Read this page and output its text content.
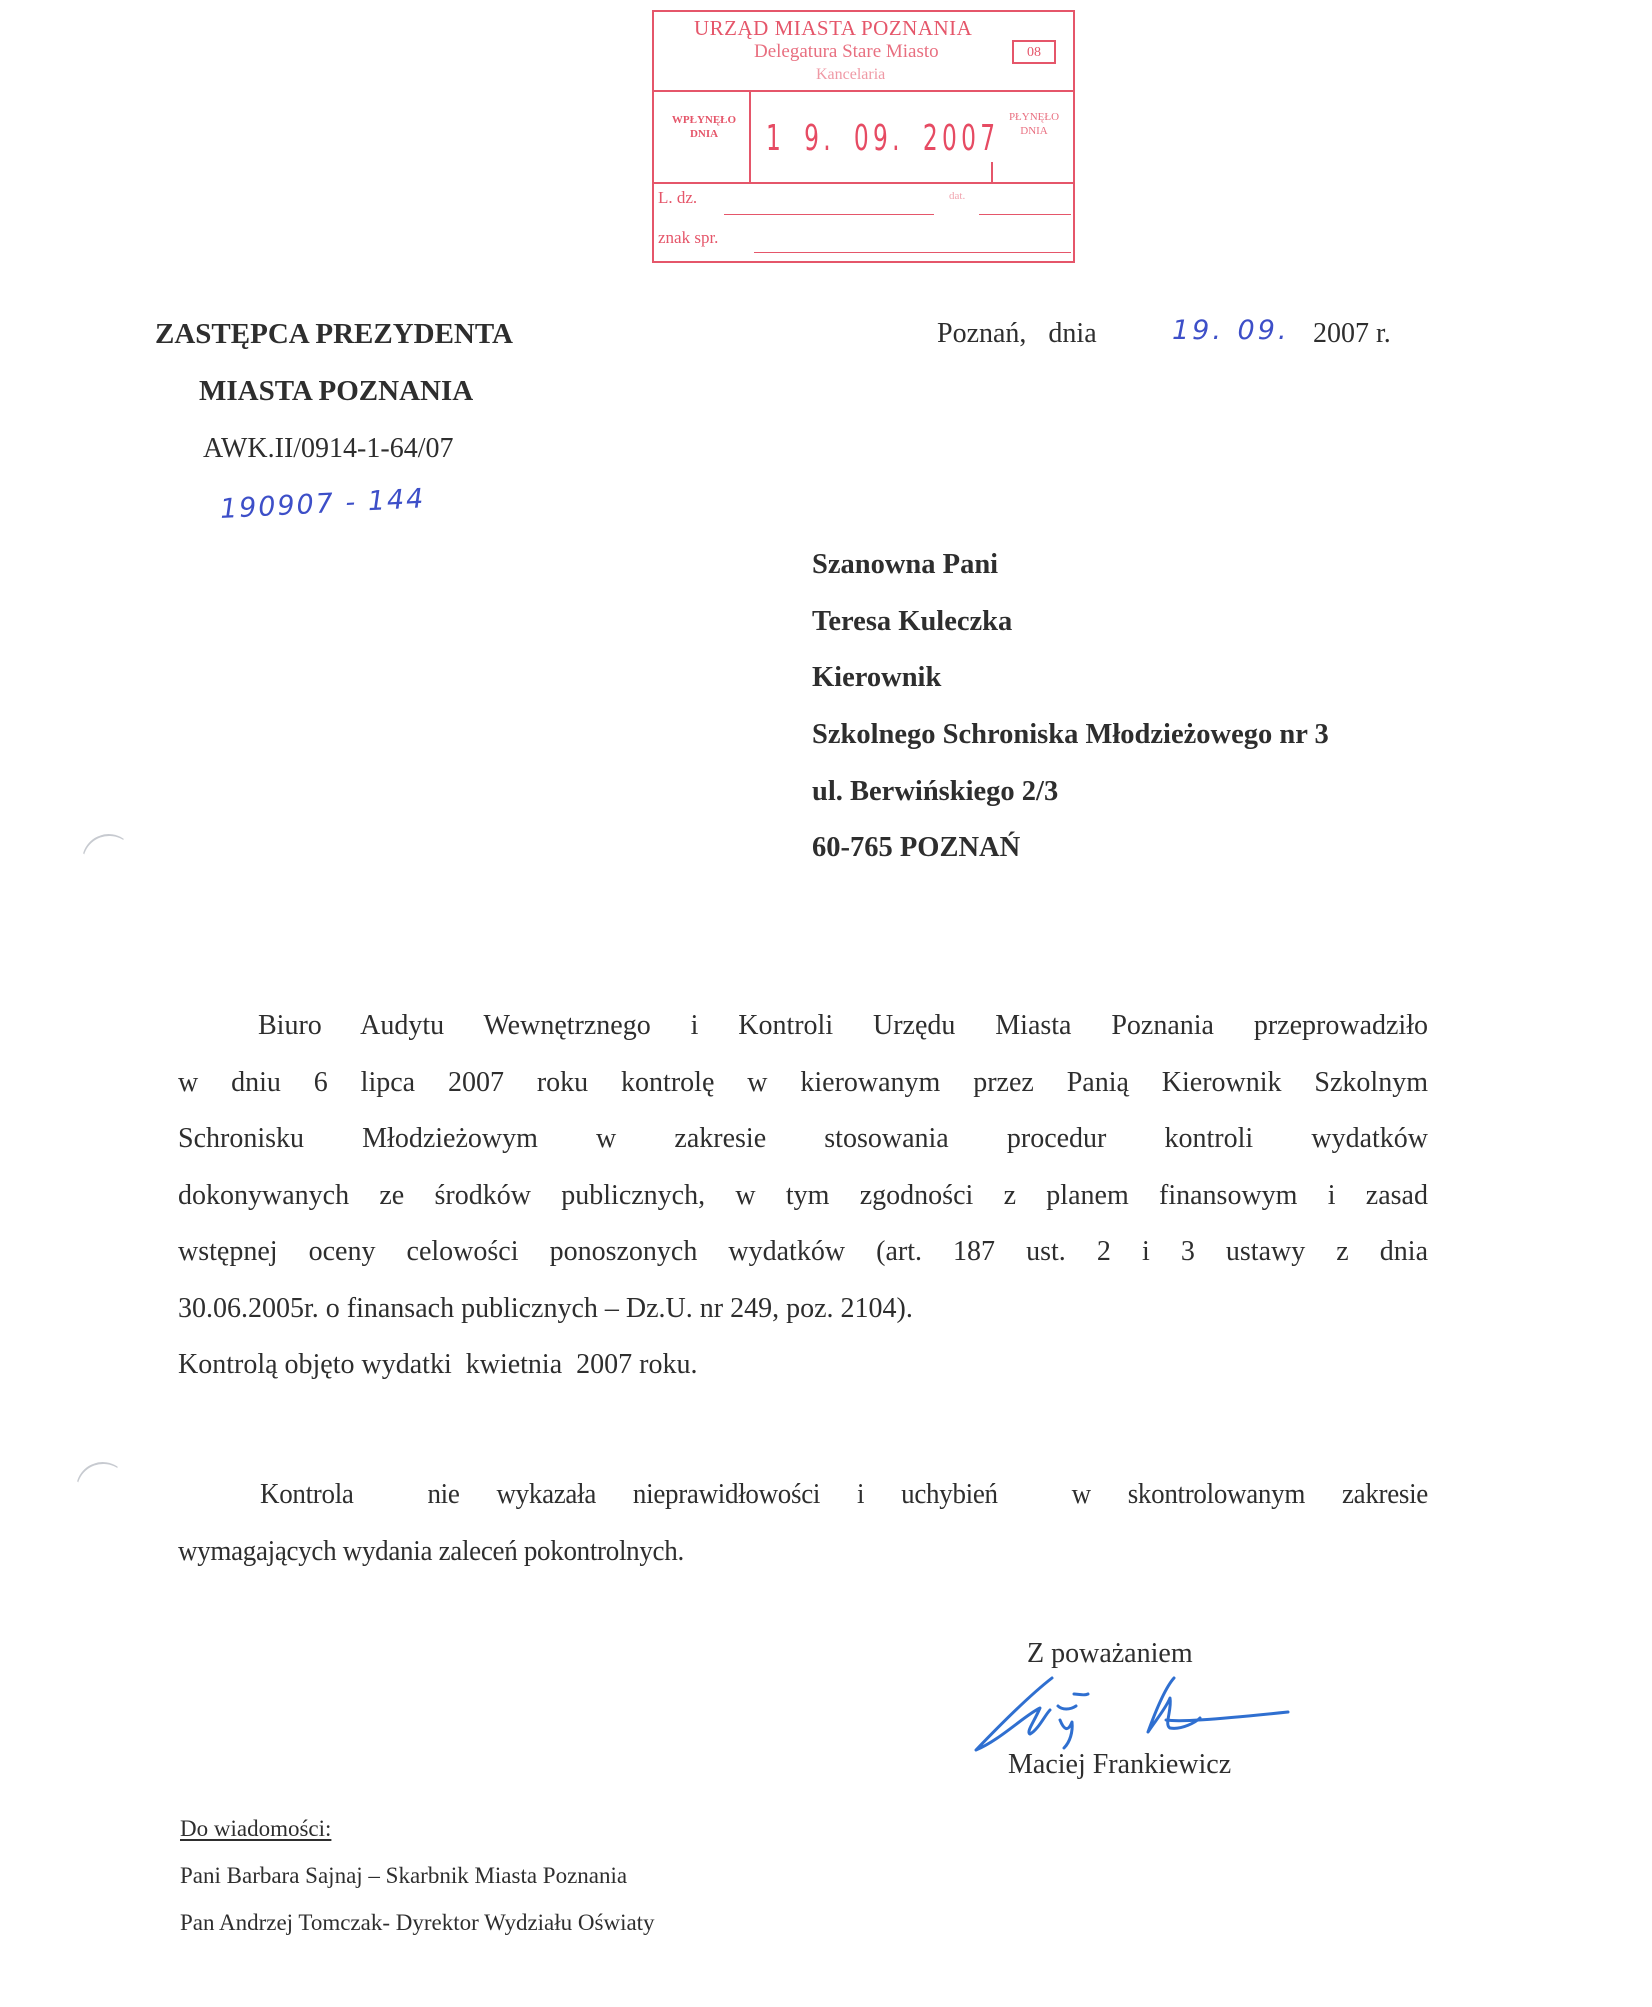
URZĄD MIASTA POZNANIA
Delegatura Stare Miasto
Kancelaria
08
WPŁYNĘŁO DNIA	1 9. 09. 2007
PŁYNĘŁO DNIA
L. dz.	dat.
znak spr.
ZASTĘPCA PREZYDENTA
MIASTA POZNANIA
AWK.II/0914-1-64/07
190907 - 144
Poznań,  dnia	19. 09. 2007 r.
Szanowna Pani
Teresa Kuleczka
Kierownik
Szkolnego Schroniska Młodzieżowego nr 3
ul. Berwińskiego 2/3
60-765 POZNAŃ
Biuro Audytu Wewnętrznego i Kontroli Urzędu Miasta Poznania przeprowadziło
w dniu 6 lipca 2007 roku kontrolę w kierowanym przez Panią Kierownik Szkolnym
Schronisku Młodzieżowym w zakresie stosowania procedur kontroli wydatków
dokonywanych ze środków publicznych, w tym zgodności z planem finansowym i zasad
wstępnej oceny celowości ponoszonych wydatków (art. 187 ust. 2 i 3 ustawy z dnia
30.06.2005r. o finansach publicznych – Dz.U. nr 249, poz. 2104).
Kontrolą objęto wydatki  kwietnia  2007 roku.
Kontrola  nie wykazała nieprawidłowości i uchybień  w skontrolowanym zakresie
wymagających wydania zaleceń pokontrolnych.
Z poważaniem
Maciej Frankiewicz
Do wiadomości:
Pani Barbara Sajnaj – Skarbnik Miasta Poznania
Pan Andrzej Tomczak- Dyrektor Wydziału Oświaty
